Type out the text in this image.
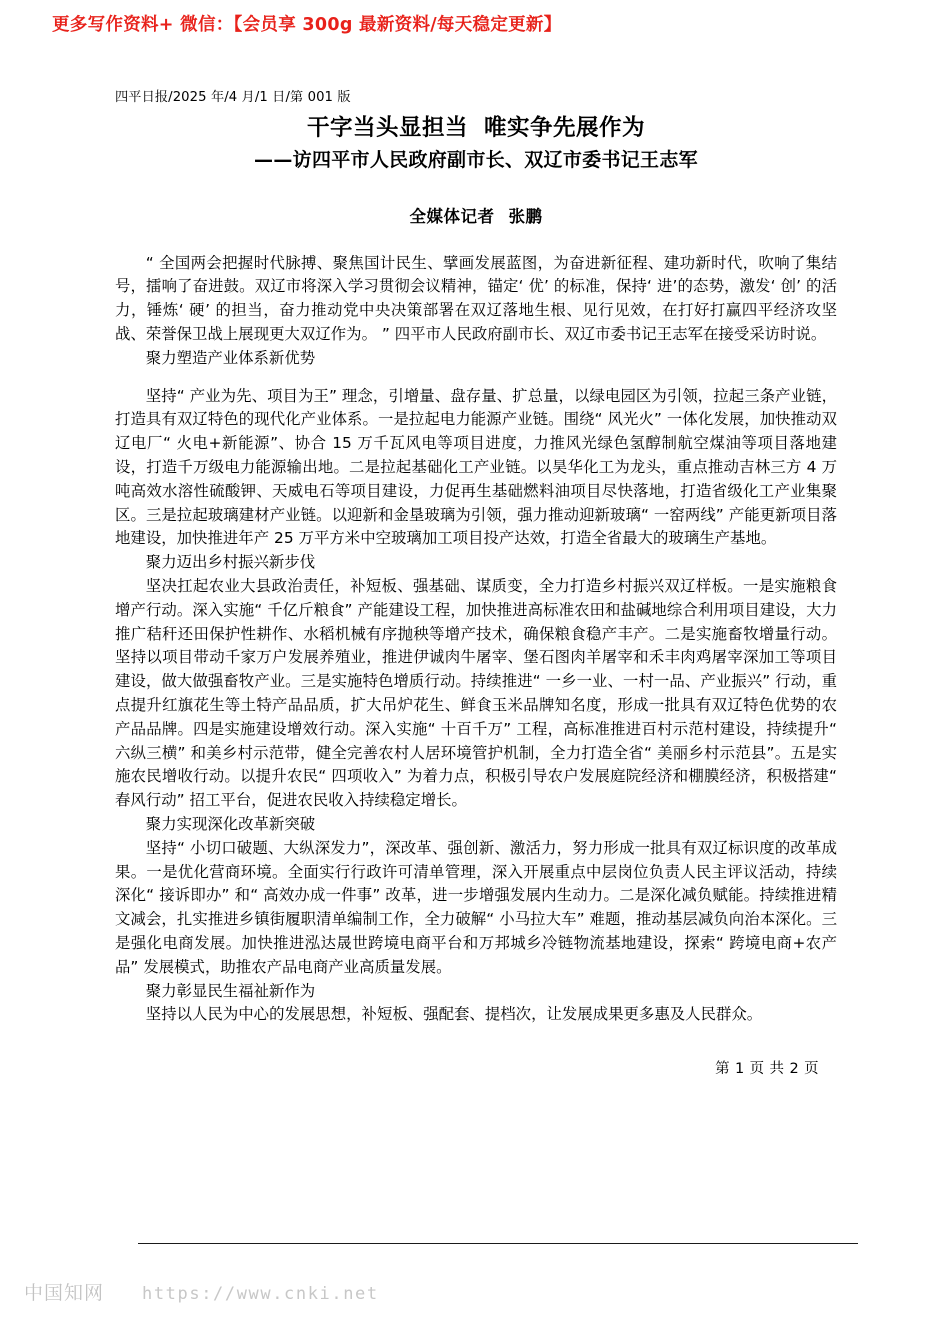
更多写作资料+ 微信：【会员享 300g 最新资料/每天稳定更新】
四平日报/2025 年/4 月/1 日/第 001 版
干字当头显担当 唯实争先展作为
——访四平市人民政府副市长、双辽市委书记王志军
全媒体记者 张鹏

“ 全国两会把握时代脉搏、聚焦国计民生、擘画发展蓝图，为奋进新征程、建功新时代，吹响了集结号，擂响了奋进鼓。双辽市将深入学习贯彻会议精神，锚定‘ 优’ 的标准，保持‘ 进’的态势，激发‘ 创’ 的活力，锤炼‘ 硬’ 的担当，奋力推动党中央决策部署在双辽落地生根、见行见效，在打好打赢四平经济攻坚战、荣誉保卫战上展现更大双辽作为。 ” 四平市人民政府副市长、双辽市委书记王志军在接受采访时说。

聚力塑造产业体系新优势

坚持“ 产业为先、项目为王” 理念，引增量、盘存量、扩总量，以绿电园区为引领，拉起三条产业链，打造具有双辽特色的现代化产业体系。一是拉起电力能源产业链。围绕“ 风光火” 一体化发展，加快推动双辽电厂“ 火电+新能源”、协合 15 万千瓦风电等项目进度，力推风光绿色氢醇制航空煤油等项目落地建设，打造千万级电力能源输出地。二是拉起基础化工产业链。以昊华化工为龙头，重点推动吉林三方 4 万吨高效水溶性硫酸钾、天威电石等项目建设，力促再生基础燃料油项目尽快落地，打造省级化工产业集聚区。三是拉起玻璃建材产业链。以迎新和金垦玻璃为引领，强力推动迎新玻璃“ 一窑两线” 产能更新项目落地建设，加快推进年产 25 万平方米中空玻璃加工项目投产达效，打造全省最大的玻璃生产基地。

聚力迈出乡村振兴新步伐

坚决扛起农业大县政治责任，补短板、强基础、谋质变，全力打造乡村振兴双辽样板。一是实施粮食增产行动。深入实施“ 千亿斤粮食” 产能建设工程，加快推进高标准农田和盐碱地综合利用项目建设，大力推广秸秆还田保护性耕作、水稻机械有序抛秧等增产技术，确保粮食稳产丰产。二是实施畜牧增量行动。坚持以项目带动千家万户发展养殖业，推进伊诚肉牛屠宰、堡石图肉羊屠宰和禾丰肉鸡屠宰深加工等项目建设，做大做强畜牧产业。三是实施特色增质行动。持续推进“ 一乡一业、一村一品、产业振兴” 行动，重点提升红旗花生等土特产品品质，扩大吊炉花生、鲜食玉米品牌知名度，形成一批具有双辽特色优势的农产品品牌。四是实施建设增效行动。深入实施“ 十百千万” 工程，高标准推进百村示范村建设，持续提升“ 六纵三横” 和美乡村示范带，健全完善农村人居环境管护机制，全力打造全省“ 美丽乡村示范县”。五是实施农民增收行动。以提升农民“ 四项收入” 为着力点，积极引导农户发展庭院经济和棚膜经济，积极搭建“ 春风行动” 招工平台，促进农民收入持续稳定增长。

聚力实现深化改革新突破

坚持“ 小切口破题、大纵深发力”，深改革、强创新、激活力，努力形成一批具有双辽标识度的改革成果。一是优化营商环境。全面实行行政许可清单管理，深入开展重点中层岗位负责人民主评议活动，持续深化“ 接诉即办” 和“ 高效办成一件事” 改革，进一步增强发展内生动力。二是深化减负赋能。持续推进精文减会，扎实推进乡镇街履职清单编制工作，全力破解“ 小马拉大车” 难题，推动基层减负向治本深化。三是强化电商发展。加快推进泓达晟世跨境电商平台和万邦城乡冷链物流基地建设，探索“ 跨境电商+农产品” 发展模式，助推农产品电商产业高质量发展。

聚力彰显民生福祉新作为

坚持以人民为中心的发展思想，补短板、强配套、提档次，让发展成果更多惠及人民群众。

第 1 页 共 2 页
中国知网 https://www.cnki.net
